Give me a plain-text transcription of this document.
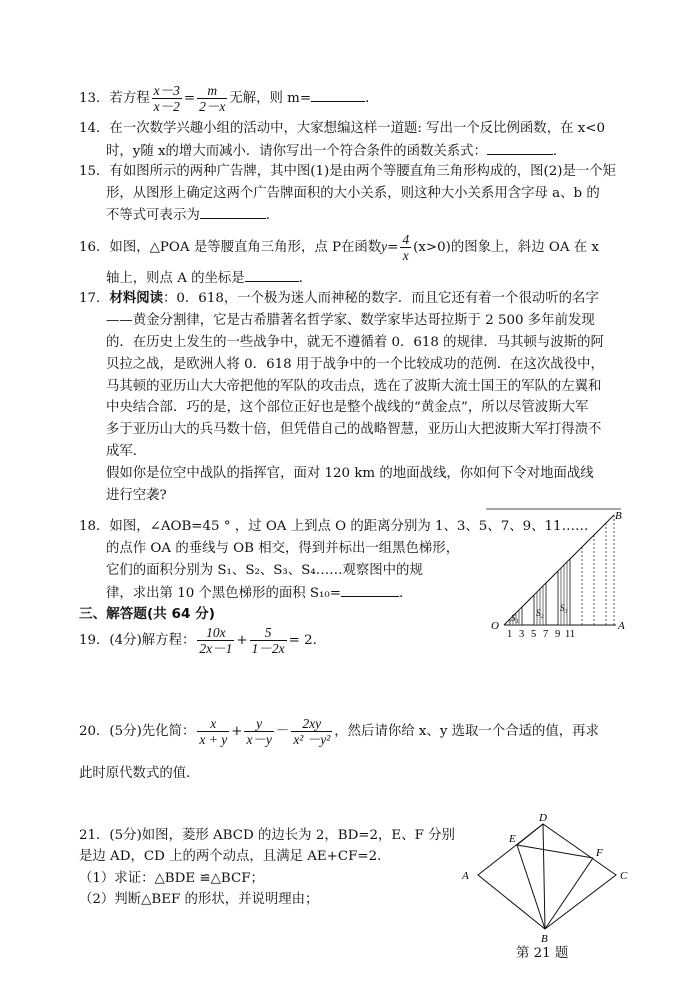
13．若方程 $\frac{x-3}{x-2} = \frac{m}{2-x}$ 无解，则 m=	．
14．在一次数学兴趣小组的活动中，大家想编这样一道题: 写出一个反比例函数，在 x<0
时，y随 x的增大而减小．请你写出一个符合条件的函数关系式：	．
15．有如图所示的两种广告牌，其中图(1)是由两个等腰直角三角形构成的，图(2)是一个矩
形，从图形上确定这两个广告牌面积的大小关系，则这种大小关系用含字母 a、b 的
不等式可表示为	．
16．如图，△POA 是等腰直角三角形，点 P在函数$y= \frac{4}{x} (x>0)$的图象上，斜边 OA 在 x
轴上，则点 A 的坐标是	．
17．材料阅读：0．618，一个极为迷人而神秘的数字．而且它还有着一个很动听的名字
——黄金分割律，它是古希腊著名哲学家、数学家毕达哥拉斯于 2 500 多年前发现
的．在历史上发生的一些战争中，就无不遵循着 0．618 的规律．马其顿与波斯的阿
贝拉之战，是欧洲人将 0．618 用于战争中的一个比较成功的范例．在这次战役中，
马其顿的亚历山大大帝把他的军队的攻击点，选在了波斯大流士国王的军队的左翼和
中央结合部．巧的是，这个部位正好也是整个战线的“黄金点”，所以尽管波斯大军
多于亚历山大的兵马数十倍，但凭借自己的战略智慧，亚历山大把波斯大军打得溃不
成军．
假如你是位空中战队的指挥官，面对 120 km 的地面战线，你如何下令对地面战线
进行空袭?
18．如图，∠AOB=45 ° ，过 OA 上到点 O 的距离分别为 1、3、5、7、9、11……
的点作 OA 的垂线与 OB 相交，得到并标出一组黑色梯形，
它们的面积分别为 S₁、S₂、S₃、S₄……观察图中的规
律，求出第 10 个黑色梯形的面积 S₁₀=	．
S₁ S₂ S₃
O	A
B
1 3 5 7 9 11
三、解答题(共 64 分)
19．(4分)解方程： $\frac{10x}{2x-1} + \frac{5}{1-2x} = 2$．
20．(5分)先化简： $\frac{x}{x + y} + \frac{y}{x-y} - \frac{2xy}{\text{x² －y²}}$ ，然后请你给 x、y 选取一个合适的值，再求
此时原代数式的值．
21．(5分)如图，菱形 ABCD 的边长为 2，BD=2，E、F 分别
是边 AD，CD 上的两个动点，且满足 AE+CF=2.
（1）求证：△BDE ≌△BCF；
（2）判断△BEF 的形状，并说明理由；
A
B
C
D
E
F
第 21 题
